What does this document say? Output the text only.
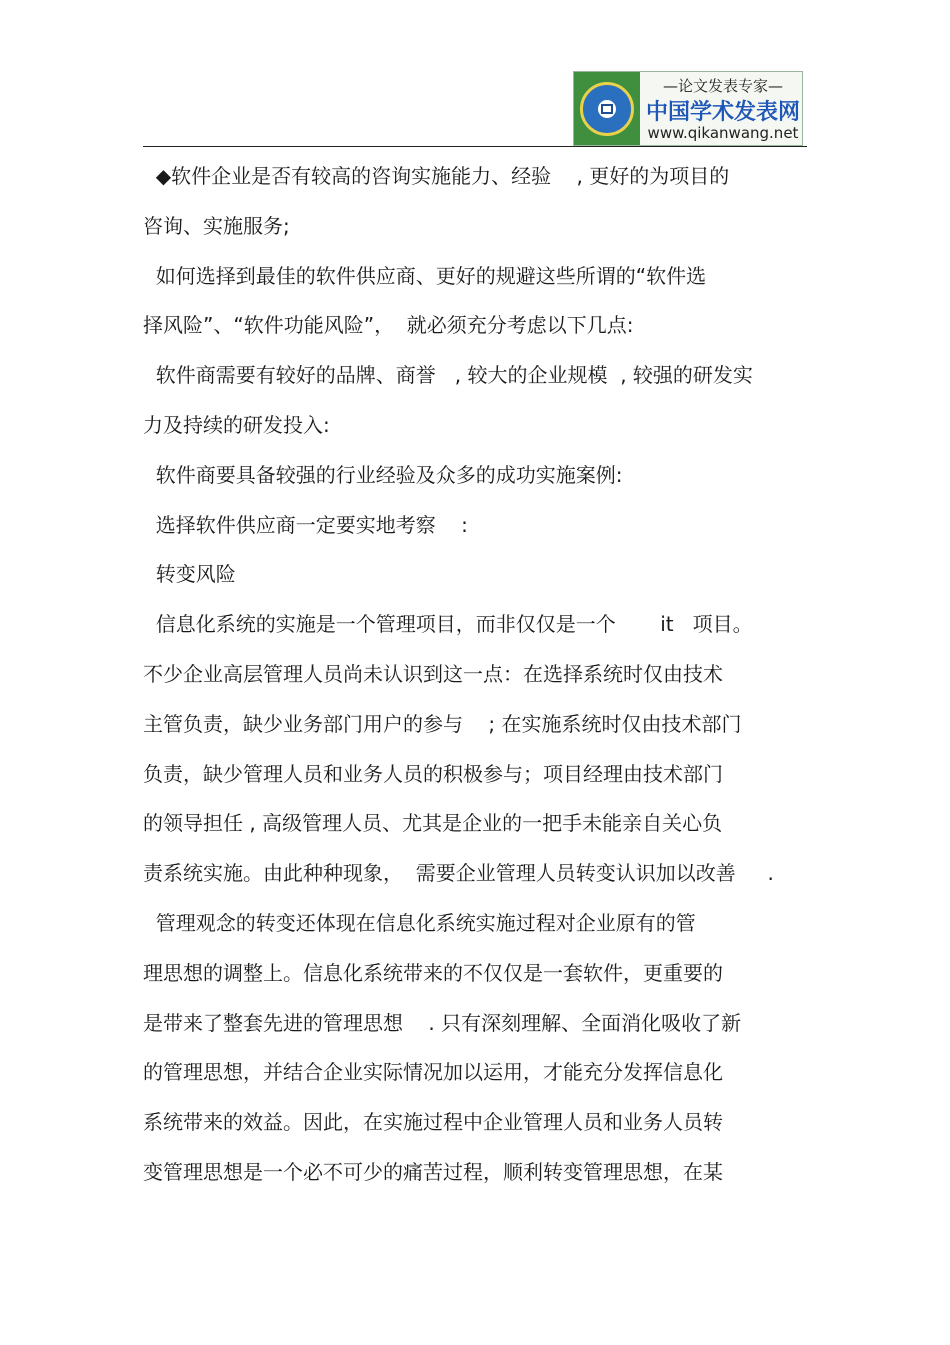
—论文发表专家—
中国学术发表网
www.qikanwang.net
◆软件企业是否有较高的咨询实施能力、经验    , 更好的为项目的
咨询、实施服务;
如何选择到最佳的软件供应商、更好的规避这些所谓的“软件选
择风险”、“软件功能风险”，  就必须充分考虑以下几点:
软件商需要有较好的品牌、商誉   , 较大的企业规模  , 较强的研发实
力及持续的研发投入:
软件商要具备较强的行业经验及众多的成功实施案例:
选择软件供应商一定要实地考察    :
转变风险
信息化系统的实施是一个管理项目，而非仅仅是一个       it   项目。
不少企业高层管理人员尚未认识到这一点：在选择系统时仅由技术
主管负责，缺少业务部门用户的参与    ; 在实施系统时仅由技术部门
负责，缺少管理人员和业务人员的积极参与；项目经理由技术部门
的领导担任 , 高级管理人员、尤其是企业的一把手未能亲自关心负
责系统实施。由此种种现象，  需要企业管理人员转变认识加以改善     .
管理观念的转变还体现在信息化系统实施过程对企业原有的管
理思想的调整上。信息化系统带来的不仅仅是一套软件，更重要的
是带来了整套先进的管理思想    . 只有深刻理解、全面消化吸收了新
的管理思想，并结合企业实际情况加以运用，才能充分发挥信息化
系统带来的效益。因此，在实施过程中企业管理人员和业务人员转
变管理思想是一个必不可少的痛苦过程，顺利转变管理思想，在某
